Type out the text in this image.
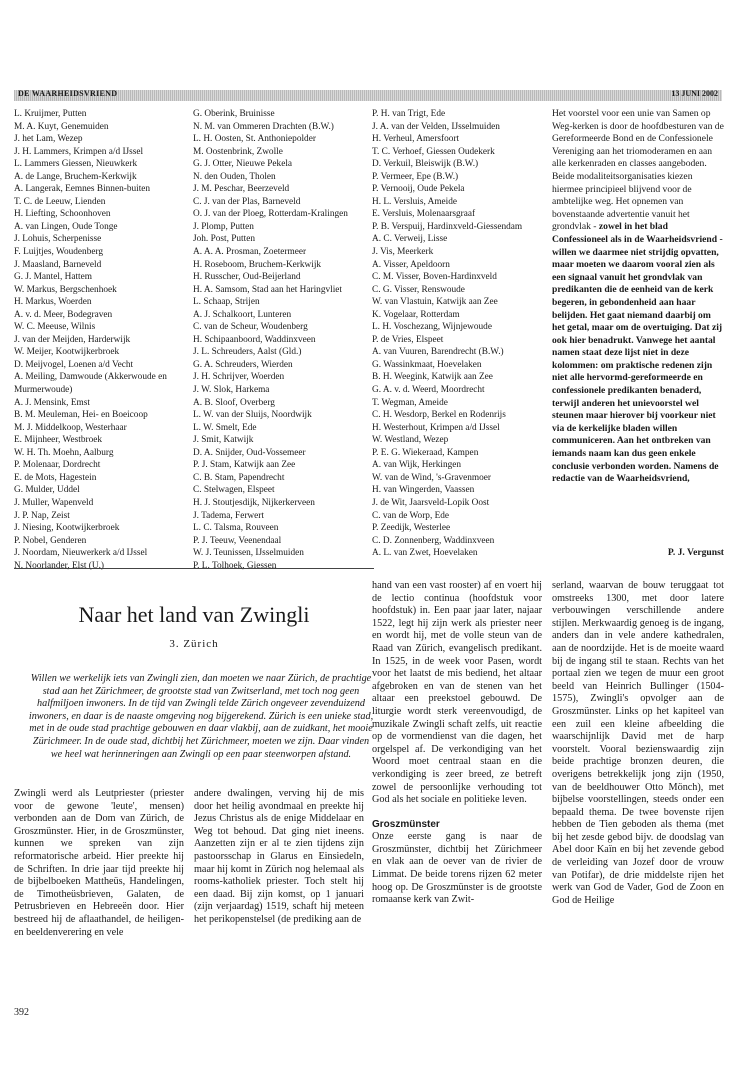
DE WAARHEIDSVRIEND	13 JUNI 2002
L. Kruijmer, Putten
M. A. Kuyt, Genemuiden
J. het Lam, Wezep
J. H. Lammers, Krimpen a/d IJssel
L. Lammers Giessen, Nieuwkerk
A. de Lange, Bruchem-Kerkwijk
A. Langerak, Eemnes Binnen-buiten
T. C. de Leeuw, Lienden
H. Liefting, Schoonhoven
A. van Lingen, Oude Tonge
J. Lohuis, Scherpenisse
F. Luijtjes, Woudenberg
J. Maasland, Barneveld
G. J. Mantel, Hattem
W. Markus, Bergschenhoek
H. Markus, Woerden
A. v. d. Meer, Bodegraven
W. C. Meeuse, Wilnis
J. van der Meijden, Harderwijk
W. Meijer, Kootwijkerbroek
D. Meijvogel, Loenen a/d Vecht
A. Meiling, Damwoude (Akkerwoude en
Murmerwoude)
A. J. Mensink, Emst
B. M. Meuleman, Hei- en Boeicoop
M. J. Middelkoop, Westerhaar
E. Mijnheer, Westbroek
W. H. Th. Moehn, Aalburg
P. Molenaar, Dordrecht
E. de Mots, Hagestein
G. Mulder, Uddel
J. Muller, Wapenveld
J. P. Nap, Zeist
J. Niesing, Kootwijkerbroek
P. Nobel, Genderen
J. Noordam, Nieuwerkerk a/d IJssel
N. Noorlander, Elst (U.)
G. Oberink, Bruinisse
N. M. van Ommeren Drachten (B.W.)
L. H. Oosten, St. Anthoniepolder
M. Oostenbrink, Zwolle
G. J. Otter, Nieuwe Pekela
N. den Ouden, Tholen
J. M. Peschar, Beerzeveld
C. J. van der Plas, Barneveld
O. J. van der Ploeg, Rotterdam-Kralingen
J. Plomp, Putten
Joh. Post, Putten
A. A. A. Prosman, Zoetermeer
H. Roseboom, Bruchem-Kerkwijk
H. Russcher, Oud-Beijerland
H. A. Samsom, Stad aan het Haringvliet
L. Schaap, Strijen
A. J. Schalkoort, Lunteren
C. van de Scheur, Woudenberg
H. Schipaanboord, Waddinxveen
J. L. Schreuders, Aalst (Gld.)
G. A. Schreuders, Wierden
J. H. Schrijver, Woerden
J. W. Slok, Harkema
A. B. Sloof, Overberg
L. W. van der Sluijs, Noordwijk
L. W. Smelt, Ede
J. Smit, Katwijk
D. A. Snijder, Oud-Vossemeer
P. J. Stam, Katwijk aan Zee
C. B. Stam, Papendrecht
C. Stelwagen, Elspeet
H. J. Stoutjesdijk, Nijkerkerveen
J. Tadema, Ferwert
L. C. Talsma, Rouveen
P. J. Teeuw, Veenendaal
W. J. Teunissen, IJsselmuiden
P. L. Tolhoek, Giessen
P. H. van Trigt, Ede
J. A. van der Velden, IJsselmuiden
H. Verheul, Amersfoort
T. C. Verhoef, Giessen Oudekerk
D. Verkuil, Bleiswijk (B.W.)
P. Vermeer, Epe (B.W.)
P. Vernooij, Oude Pekela
H. L. Versluis, Ameide
E. Versluis, Molenaarsgraaf
P. B. Verspuij, Hardinxveld-Giessendam
A. C. Verweij, Lisse
J. Vis, Meerkerk
A. Visser, Apeldoorn
C. M. Visser, Boven-Hardinxveld
C. G. Visser, Renswoude
W. van Vlastuin, Katwijk aan Zee
K. Vogelaar, Rotterdam
L. H. Voschezang, Wijnjewoude
P. de Vries, Elspeet
A. van Vuuren, Barendrecht (B.W.)
G. Wassinkmaat, Hoevelaken
B. H. Weegink, Katwijk aan Zee
G. A. v. d. Weerd, Moordrecht
T. Wegman, Ameide
C. H. Wesdorp, Berkel en Rodenrijs
H. Westerhout, Krimpen a/d IJssel
W. Westland, Wezep
P. E. G. Wiekeraad, Kampen
A. van Wijk, Herkingen
W. van de Wind, 's-Gravenmoer
H. van Wingerden, Vaassen
J. de Wit, Jaarsveld-Lopik Oost
C. van de Worp, Ede
P. Zeedijk, Westerlee
C. D. Zonnenberg, Waddinxveen
A. L. van Zwet, Hoevelaken
Het voorstel voor een unie van Samen op Weg-kerken is door de hoofdbesturen van de Gereformeerde Bond en de Confessionele Vereniging aan het triomoderamen en aan alle kerkenraden en classes aangeboden. Beide modaliteitsorganisaties kiezen hiermee principieel blijvend voor de ambtelijke weg. Het opnemen van bovenstaande advertentie vanuit het grondvlak - zowel in het blad Confessioneel als in de Waarheidsvriend - willen we daarmee niet strijdig opvatten, maar moeten we daarom vooral zien als een signaal vanuit het grondvlak van predikanten die de eenheid van de kerk begeren, in gebondenheid aan haar belijden. Het gaat niemand daarbij om het getal, maar om de overtuiging. Dat zij ook hier benadrukt. Vanwege het aantal namen staat deze lijst niet in deze kolommen: om praktische redenen zijn niet alle hervormd-gereformeerde en confessionele predikanten benaderd, terwijl anderen het unievoorstel wel steunen maar hierover bij voorkeur niet via de kerkelijke bladen willen communiceren. Aan het ontbreken van iemands naam kan dus geen enkele conclusie verbonden worden. Namens de redactie van de Waarheidsvriend,
P. J. Vergunst
Naar het land van Zwingli
3. Zürich
Willen we werkelijk iets van Zwingli zien, dan moeten we naar Zürich, de prachtige stad aan het Zürichmeer, de grootste stad van Zwitserland, met toch nog geen halfmiljoen inwoners. In de tijd van Zwingli telde Zürich ongeveer zevenduizend inwoners, en daar is de naaste omgeving nog bijgerekend. Zürich is een unieke stad, met in de oude stad prachtige gebouwen en daar vlakbij, aan de zuidkant, het mooie Zürichmeer. In de oude stad, dichtbij het Zürichmeer, moeten we zijn. Daar vinden we heel wat herinneringen aan Zwingli op een paar steenworpen afstand.
Zwingli werd als Leutpriester (priester voor de gewone 'leute', mensen) verbonden aan de Dom van Zürich, de Groszmünster. Hier, in de Groszmünster, kunnen we spreken van zijn reformatorische arbeid. Hier preekte hij de Schriften. In drie jaar tijd preekte hij de bijbelboeken Mattheüs, Handelingen, de Timotheüsbrieven, Galaten, de Petrusbrieven en Hebreeën door. Hier bestreed hij de aflaathandel, de heiligen- en beeldenverering en vele
andere dwalingen, verving hij de mis door het heilig avondmaal en preekte hij Jezus Christus als de enige Middelaar en Weg tot behoud. Dat ging niet ineens. Aanzetten zijn er al te zien tijdens zijn pastoorsschap in Glarus en Einsiedeln, maar hij komt in Zürich nog helemaal als rooms-katholiek priester. Toch stelt hij een daad. Bij zijn komst, op 1 januari (zijn verjaardag) 1519, schaft hij meteen het perikopenstelsel (de prediking aan de
hand van een vast rooster) af en voert hij de lectio continua (hoofdstuk voor hoofdstuk) in. Een paar jaar later, najaar 1522, legt hij zijn werk als priester neer en wordt hij, met de volle steun van de Raad van Zürich, evangelisch predikant. In 1525, in de week voor Pasen, wordt voor het laatst de mis bediend, het altaar afgebroken en van de stenen van het altaar een preekstoel gebouwd. De liturgie wordt sterk vereenvoudigd, de muzikale Zwingli schaft zelfs, uit reactie op de vormendienst van die dagen, het orgelspel af. De verkondiging van het Woord moet centraal staan en die verkondiging is zeer breed, ze betreft zowel de persoonlijke verhouding tot God als het sociale en politieke leven.
Groszmünster
Onze eerste gang is naar de Groszmünster, dichtbij het Zürichmeer en vlak aan de oever van de rivier de Limmat. De beide torens rijzen 62 meter hoog op. De Groszmünster is de grootste romaanse kerk van Zwit-
serland, waarvan de bouw teruggaat tot omstreeks 1300, met door latere verbouwingen verschillende andere stijlen. Merkwaardig genoeg is de ingang, anders dan in vele andere kathedralen, aan de noordzijde. Het is de moeite waard bij de ingang stil te staan. Rechts van het portaal zien we tegen de muur een groot beeld van Heinrich Bullinger (1504-1575), Zwingli's opvolger aan de Groszmünster. Links op het kapiteel van een zuil een kleine afbeelding die waarschijnlijk David met de harp voorstelt. Vooral bezienswaardig zijn beide prachtige bronzen deuren, die overigens betrekkelijk jong zijn (1950, van de beeldhouwer Otto Mönch), met bijbelse voorstellingen, steeds onder een bepaald thema. De twee bovenste rijen hebben de Tien geboden als thema (met bij het zesde gebod bijv. de doodslag van Abel door Kaïn en bij het zevende gebod de verleiding van Jozef door de vrouw van Potifar), de drie middelste rijen het werk van God de Vader, God de Zoon en God de Heilige
392
